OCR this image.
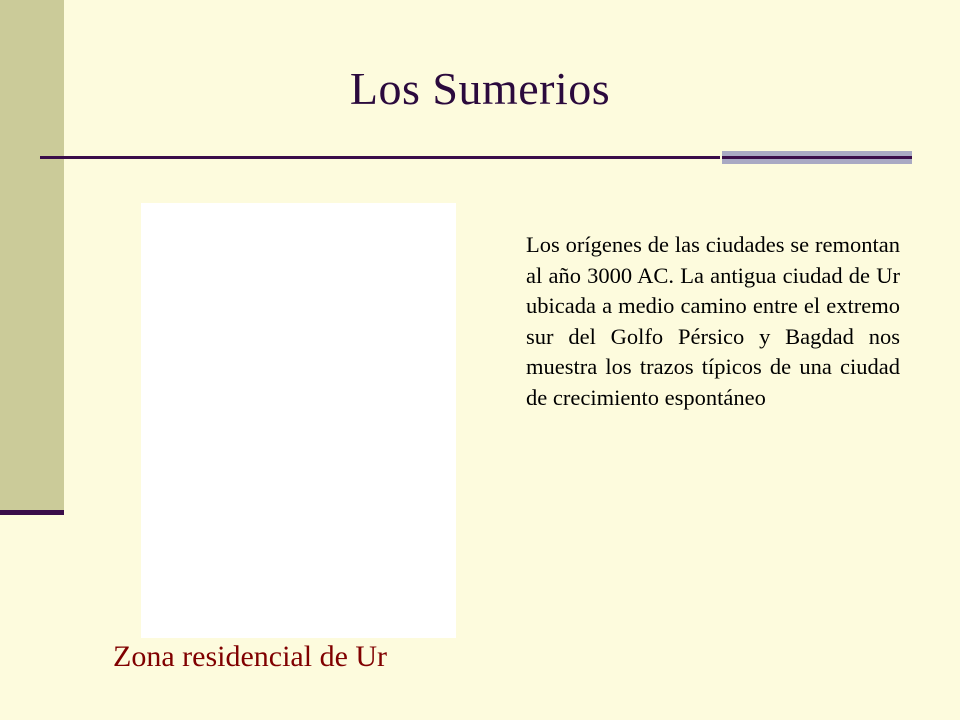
Los Sumerios
Los orígenes de las ciudades se remontan al año 3000 AC. La antigua ciudad de Ur ubicada a medio camino entre el extremo sur del Golfo Pérsico y Bagdad nos muestra los trazos típicos de una ciudad de crecimiento espontáneo
Zona residencial de Ur
